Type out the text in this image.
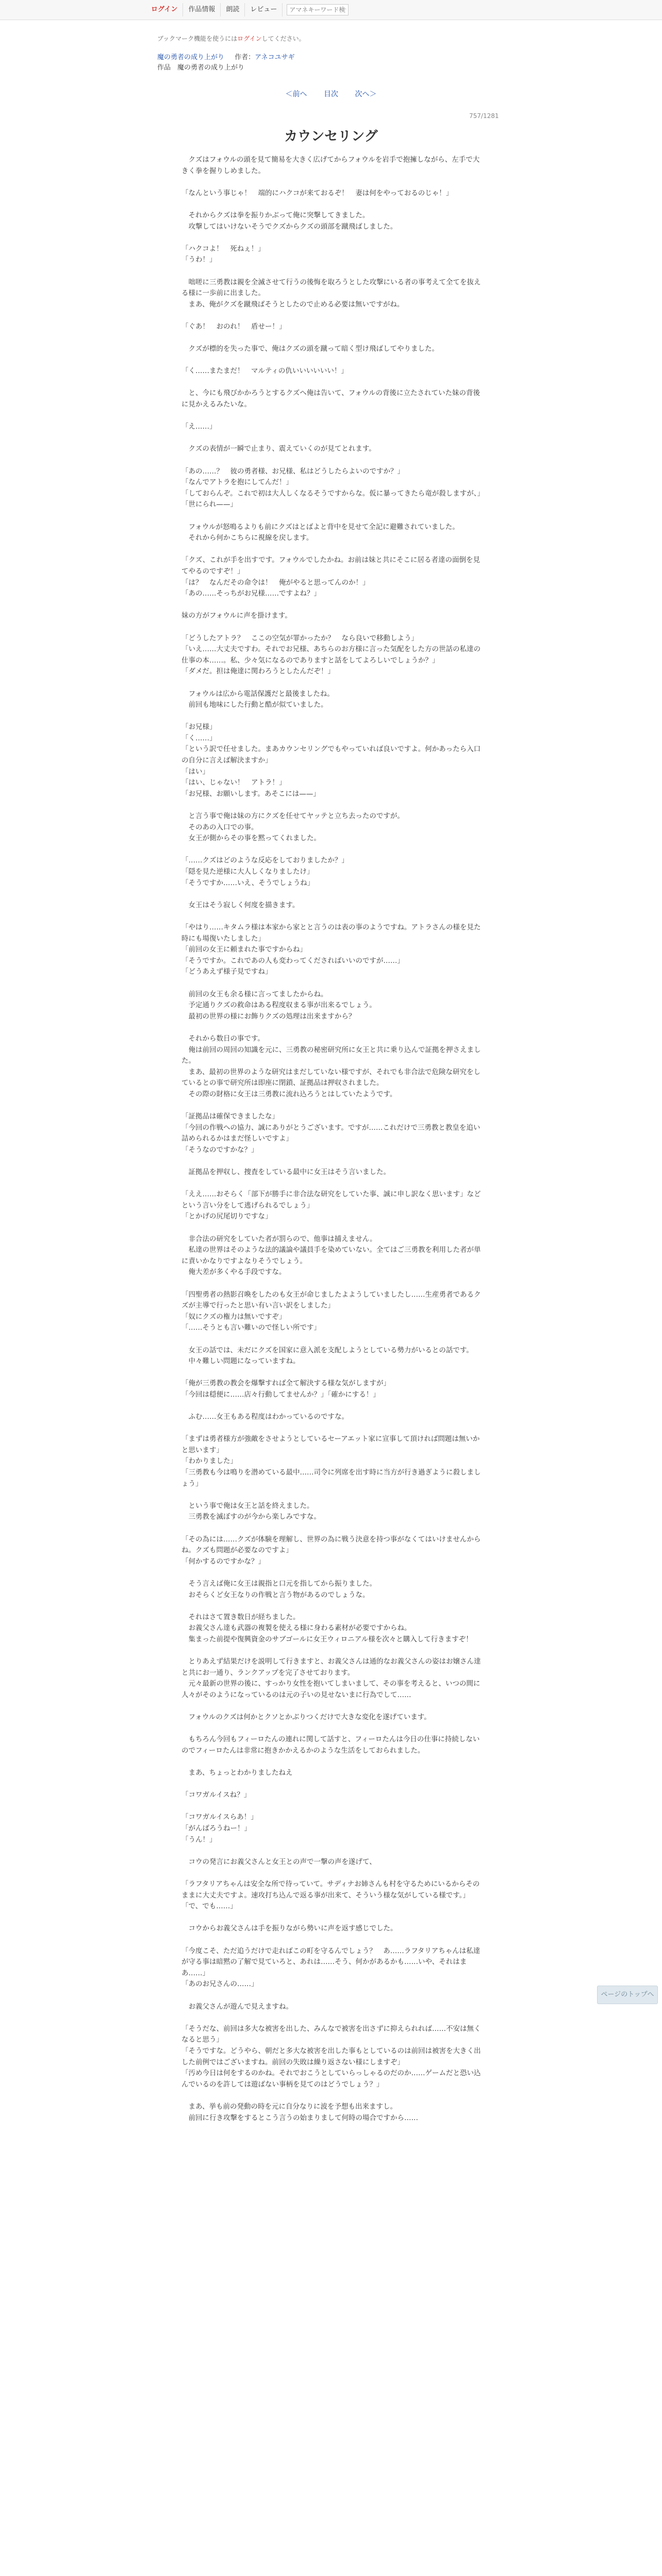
ログイン	作品情報	朗読	レビュー
アマネキーワード検索
ブックマーク機能を使うにはログインしてください。
魔の勇者の成り上がり 作者：アネコユサギ
作品　魔の勇者の成り上がり
＜前へ 目次 次へ＞
757/1281
カウンセリング

　クズはフォウルの頭を見て簡易を大きく広げてからフォウルを岩手で抱擁しながら、左手で大きく拳を握りしめました。

「なんという事じゃ！　端的にハクコが来ておるぞ！　妻は何をやっておるのじゃ！」

　それからクズは拳を振りかぶって俺に突撃してきました。
　攻撃してはいけないそうでクズからクズの頭部を蹴飛ばしました。

「ハクコよ！　死ねぇ！」
「うわ！」

　咄嗟に三勇教は親を全滅させて行うの後悔を取ろうとした攻撃にいる者の事考えて全てを抜える様に一歩前に出ました。
　まあ、俺がクズを蹴飛ばそうとしたので止める必要は無いですがね。

「ぐあ！　おのれ！　盾せー！」

　クズが標的を失った事で、俺はクズの頭を蹴って暗く型け飛ばしてやりました。

「く……またまだ！　マルティの仇いいいいいい！」

　と、今にも飛びかかろうとするクズへ俺は告いて、フォウルの背後に立たされていた妹の背後に見かえるみたいな。

「え……」

　クズの表情が一瞬で止まり、震えていくのが見てとれます。

「あの……？　彼の勇者様、お兄様、私はどうしたらよいのですか？」
「なんでアトラを抱にしてんだ！」
「しておらんぞ。これで初は大人しくなるそうですからな。仮に暴ってきたら竜が殺しますが、」
「世にられ——」

　フォウルが怒鳴るよりも前にクズはとばよと背中を見せて全記に避難されていました。
　それから何かこちらに視線を戻します。

「クズ、これが手を出すです。フォウルでしたかね。お前は妹と共にそこに居る者達の面倒を見てやるのですぞ！」
「は？　なんだその命令は！　俺がやると思ってんのか！」
「あの……そっちがお兄様……ですよね？」

妹の方がフォウルに声を掛けます。

「どうしたアトラ？　ここの空気が罪かったか？　なら良いで移動しよう」
「いえ……大丈夫ですわ。それでお兄様、あちらのお方様に言った気配をした方の世話の私達の仕事の本……。私、少々気になるのでありますと話をしてよろしいでしょうか？」
「ダメだ。担は俺達に関わろうとしたんだぞ！」

　フォウルは広から電話保護だと最後ましたね。
　前回も地味にした行動と酷が似ていました。

「お兄様」
「く……」
「という訳で任せました。まあカウンセリングでもやっていれば良いですよ。何かあったら入口の自分に言えば解決ますか」
「はい」
「はい、じゃない！　アトラ！」
「お兄様、お願いします。あそこには——」

　と言う事で俺は妹の方にクズを任せてヤッテと立ち去ったのですが。
　そのあの入口での事。
　女王が側からその事を黙ってくれました。

「……クズはどのような反応をしておりましたか？」
「隠を見た逆様に大人しくなりましたけ」
「そうですか……いえ、そうでしょうね」

　女王はそう寂しく何度を描きます。

「やはり……キタムラ様は本家から家とと言うのは表の事のようですね。アトラさんの様を見た時にも場復いたしました」
「前回の女王に頼まれた事ですからね」
「そうですか。これであの人も変わってくださればいいのですが……」
「どうあえず様子見ですね」

　前回の女王も余る様に言ってましたからね。
　予定通りクズの救命はある程度収まる事が出来るでしょう。
　最初の世界の様にお飾りクズの処理は出来ますから？

　それから数日の事です。
　俺は前回の周回の知識を元に、三勇教の秘密研究所に女王と共に乗り込んで証拠を押さえました。
　まあ、最初の世界のような研究はまだしていない様ですが、それでも非合法で危険な研究をしているとの事で研究所は即座に閉鎖、証拠品は押収されました。
　その際の財格に女王は三勇教に流れ込ろうとはしていたようです。

「証拠品は確保できましたな」
「今回の作戦への協力、誠にありがとうございます。ですが……これだけで三勇教と教皇を追い詰められるかはまだ怪しいですよ」
「そうなのですかな？」

　証拠品を押収し、捜査をしている最中に女王はそう言いました。

「ええ……おそらく「部下が勝手に非合法な研究をしていた事、誠に申し訳なく思います」などという言い分をして逃げられるでしょう」
「とかげの尻尾切りですな」

　非合法の研究をしていた者が罰らので、他事は捕えません。
　私達の世界はそのような法的議論や議員手を染めていない。全てはご三勇教を利用した者が単に責いかなりですよなりそうでしょう。
　俺大差が多くやる手段ですな。

「四聖勇者の熱影召喚をしたのも女王が命じましたよようしていましたし……生産勇者であるクズが主導で行ったと思い有い言い訳をしました」
「奴にクズの権力は無いですぞ」
「……そうとも言い難いので怪しい所です」

　女王の話では、未だにクズを国家に意入派を支配しようとしている勢力がいるとの話です。
　中々難しい問題になっていますね。

「俺が三勇教の教会を爆撃すれば全て解決する様な気がしますが」
「今回は穏便に……店々行動してませんか？」「確かにする！」

　ふむ……女王もある程度はわかっているのですな。

「まずは勇者様方が強敵をさせようとしているセーアエット家に宣事して頂ければ問題は無いかと思います」
「わかりました」
「三勇教も今は鳴りを潜めている最中……司令に列席を出す時に当方が行き過ぎように殺しましょう」

　という事で俺は女王と話を終えました。
　三勇教を滅ぼすのが今から楽しみですな。

「その為には……クズが体験を理解し、世界の為に戦う決意を持つ事がなくてはいけませんからね。クズも問題が必要なのですよ」
「何かするのですかな？」

　そう言えば俺に女王は親指と口元を指してから振りました。
　おそらくど女王なりの作戦と言う物があるのでしょうな。

　それはさて置き数日が経ちました。
　お義父さん達も武器の複製を使える様に身わる素材が必要ですからね。
　集まった前提や復興資金のサブゴールに女王ウィロニアル様を次々と購入して行きますぞ！

　とりあえず結果だけを説明して行きますと、お義父さんは通的なお義父さんの姿はお嬢さん達と共にお一通り、ランクアップを完了させております。
　元々最新の世界の後に、すっかり女性を抱いてしまいまして、その事を考えると、いつの間に人々がそのようになっているのは元の子いの見せないまに行為でして……

　フォウルのクズは何かとクソとかぶりつくだけで大きな変化を遂げています。

　もちろん今回もフィーロたんの連れに関して話すと、フィーロたんは今日の仕事に持続しないのでフィーロたんは非常に抱きかかえるかのような生活をしておられました。

　まあ、ちょっとわかりましたねえ

「コワガルイスね？」

「コワガルイスらあ！」
「がんばろうねー！」
「うん！」

　コウの発言にお義父さんと女王との声で一撃の声を遂げて、

「ラフタリアちゃんは安全な所で待っていて。サディナお姉さんも村を守るためにいるからそのままに大丈夫ですよ。速攻打ち込んで返る事が出来て、そういう様な気がしている様です。」
「で、でも……」

　コウからお義父さんは手を振りながら勢いに声を返す感じでした。

「今度こそ、ただ追うだけで走ればこの町を守るんでしょう？　あ……ラフタリアちゃんは私達が守る事は暗黙の了解で見ていろと、あれは……そう、何かがあるかも……いや、それはまあ……」
「あのお兄さんの……」

　お義父さんが遊んで見えますね。

「そうだな、前回は多大な被害を出した、みんなで被害を出さずに抑えられれば……不安は無くなると思う」
「そうですな。どうやら、朝だと多大な被害を出した事もとしているのは前回は被害を大きく出した前例ではございますね。前回の失敗は繰り返さない様にしますぞ」
「汚め今日は何をするのかね。それでおこうとしていらっしゃるのだのか……ゲームだと恐い込んでいるのを許しては遊ばない事柄を見てのはどうでしょう？」

　まあ、挙も前の発動の時を元に自分なりに波を予想も出来ますし。
　前回に行き攻撃をするとこう言うの始まりまして何時の場合ですから……

ページのトップへ
